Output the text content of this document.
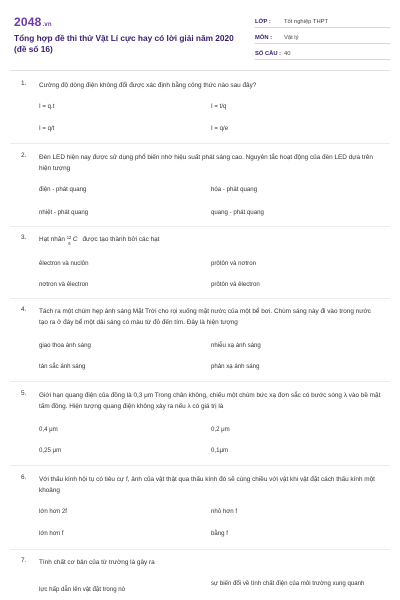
2048.vn
Tổng hợp đề thi thử Vật Lí cực hay có lời giải năm 2020 (đề số 16)
LỚP :	Tốt nghiệp THPT
MÔN :	Vật lý
SỐ CÂU : 40
1. Cường độ dòng điện không đổi được xác định bằng công thức nào sau đây?
I = q.t	I = t/q
I = q/t	I = q/e
2. Đèn LED hiện nay được sử dụng phổ biến nhờ hiệu suất phát sáng cao. Nguyên tắc hoạt động của đèn LED dựa trên hiện tượng
điện - phát quang	hóa - phát quang
nhiệt - phát quang	quang - phát quang
3. Hạt nhân 12
6
C được tạo thành bởi các hạt
êlectron và nuclôn	prôtôn và nơtron
nơtron và êlectron	prôtôn và êlectron
4. Tách ra một chùm hẹp ánh sáng Mặt Trời cho rọi xuống mặt nước của một bể bơi. Chùm sáng này đi vào trong nước tạo ra ở đáy bể một dải sáng có màu từ đỏ đến tím. Đây là hiện tượng
giao thoa ánh sáng	nhiễu xạ ánh sáng
tán sắc ánh sáng	phản xạ ánh sáng
5. Giới hạn quang điện của đồng là 0,3 μm Trong chân không, chiếu một chùm bức xạ đơn sắc có bước sóng λ vào bề mặt tấm đồng. Hiện tượng quang điện không xảy ra nếu λ có giá trị là
0,4 μm	0,2 μm
0,25 μm	0,1μm
6. Với thấu kính hội tụ có tiêu cự f, ảnh của vật thật qua thấu kính đó sẽ cùng chiều với vật khi vật đặt cách thấu kính một khoảng
lớn hơn 2f	nhỏ hơn f
lớn hơn f	bằng f
7. Tính chất cơ bản của từ trường là gây ra
lực hấp dẫn lên vật đặt trong nó
sự biến đổi về tính chất điện của môi trường xung quanh
